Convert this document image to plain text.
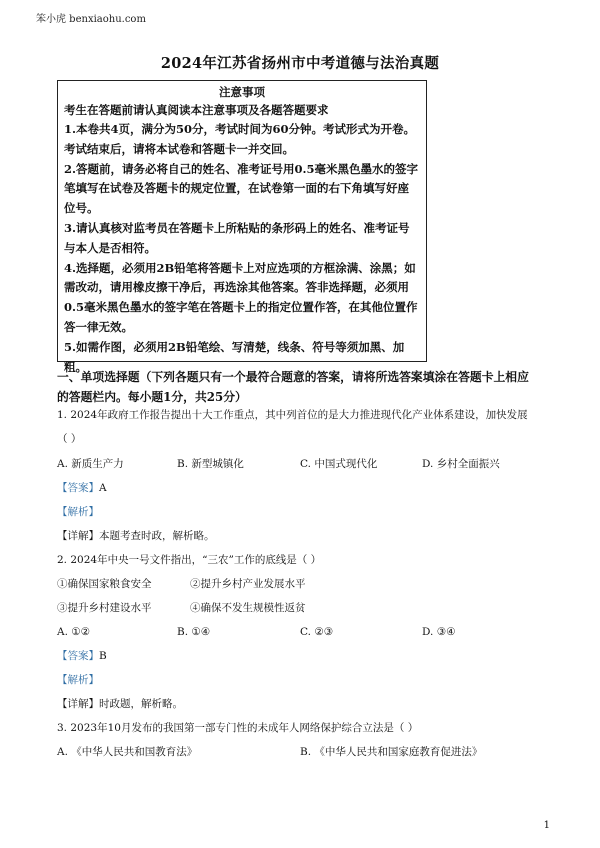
笨小虎 benxiaohu.com
2024年江苏省扬州市中考道德与法治真题
注意事项
考生在答题前请认真阅读本注意事项及各题答题要求
1.本卷共4页，满分为50分，考试时间为60分钟。考试形式为开卷。考试结束后，请将本试卷和答题卡一并交回。
2.答题前，请务必将自己的姓名、准考证号用0.5毫米黑色墨水的签字笔填写在试卷及答题卡的规定位置，在试卷第一面的右下角填写好座位号。
3.请认真核对监考员在答题卡上所粘贴的条形码上的姓名、准考证号与本人是否相符。
4.选择题，必须用2B铅笔将答题卡上对应选项的方框涂满、涂黑；如需改动，请用橡皮擦干净后，再选涂其他答案。答非选择题，必须用0.5毫米黑色墨水的签字笔在答题卡上的指定位置作答，在其他位置作答一律无效。
5.如需作图，必须用2B铅笔绘、写清楚，线条、符号等须加黑、加粗。
一、单项选择题（下列各题只有一个最符合题意的答案，请将所选答案填涂在答题卡上相应
的答题栏内。每小题1分，共25分）
1. 2024年政府工作报告提出十大工作重点，其中列首位的是大力推进现代化产业体系建设，加快发展
（ ）
A. 新质生产力	B. 新型城镇化	C. 中国式现代化	D. 乡村全面振兴
【答案】A
【解析】
【详解】本题考查时政，解析略。
2. 2024年中央一号文件指出，“三农”工作的底线是（ ）
①确保国家粮食安全	②提升乡村产业发展水平
③提升乡村建设水平	④确保不发生规模性返贫
A. ①②	B. ①④	C. ②③	D. ③④
【答案】B
【解析】
【详解】时政题，解析略。
3. 2023年10月发布的我国第一部专门性的未成年人网络保护综合立法是（ ）
A. 《中华人民共和国教育法》	B. 《中华人民共和国家庭教育促进法》
1
